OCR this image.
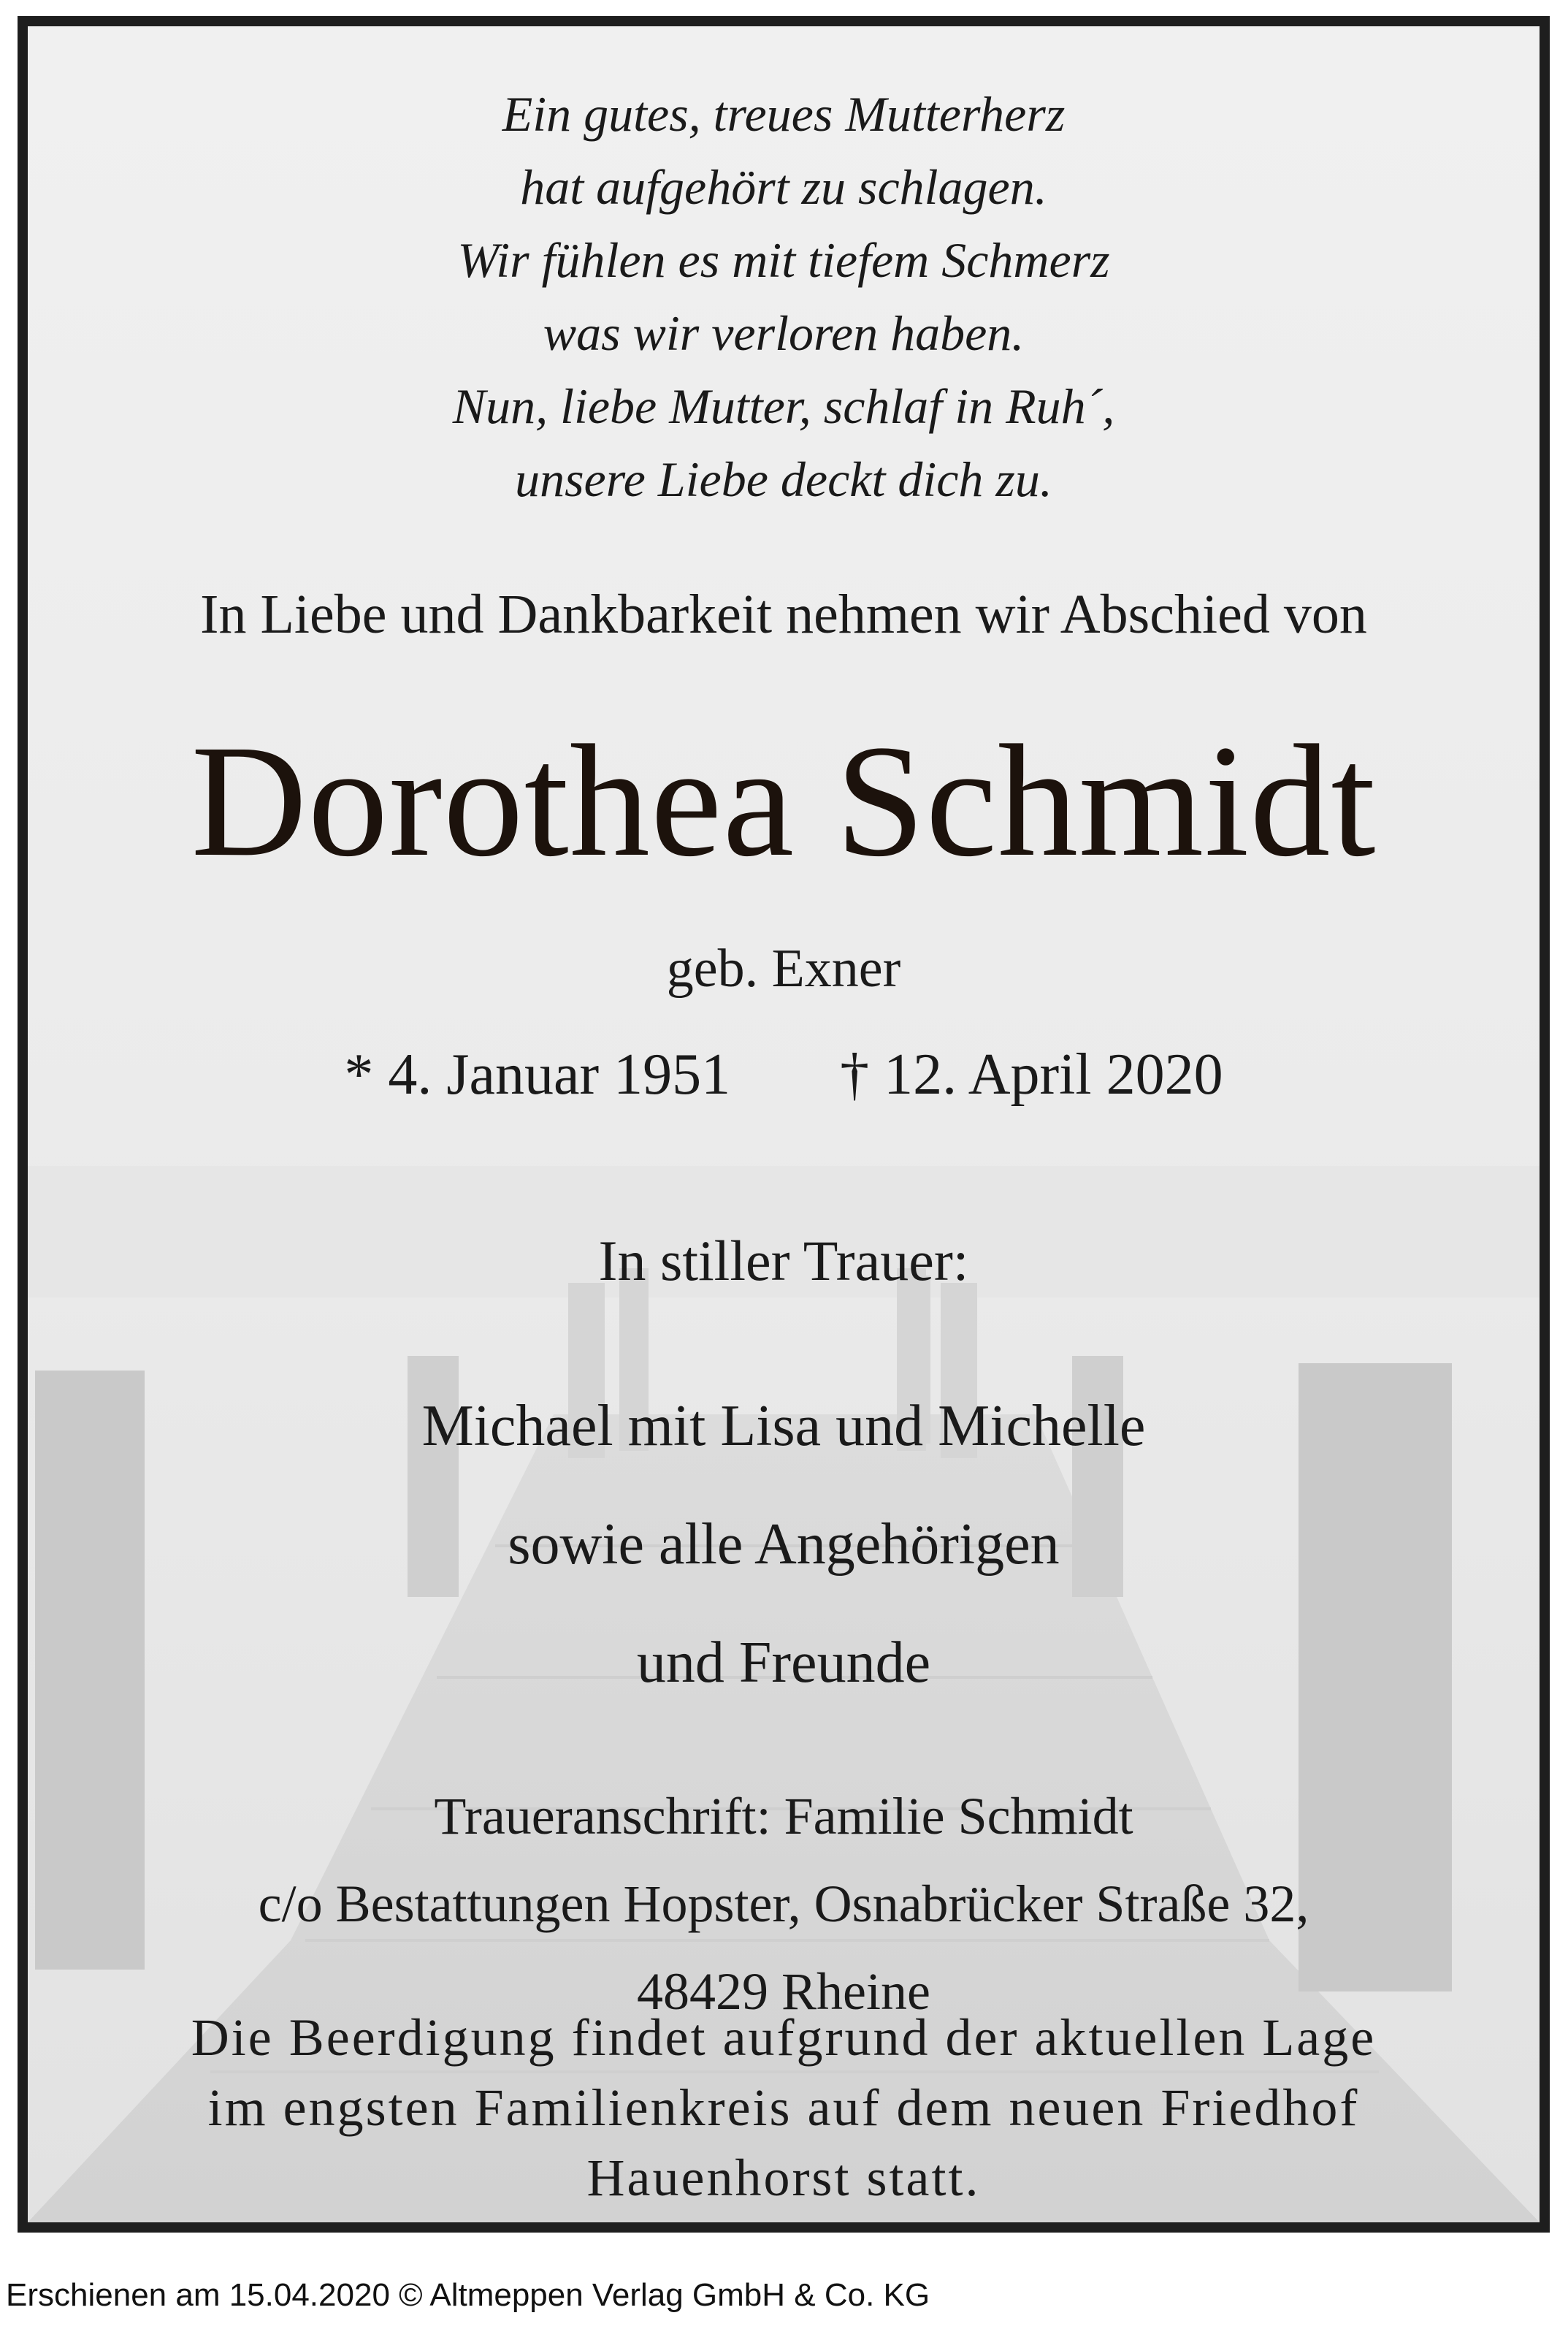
Ein gutes, treues Mutterherz
hat aufgehört zu schlagen.
Wir fühlen es mit tiefem Schmerz
was wir verloren haben.
Nun, liebe Mutter, schlaf in Ruh´,
unsere Liebe deckt dich zu.
In Liebe und Dankbarkeit nehmen wir Abschied von
Dorothea Schmidt
geb. Exner
* 4. Januar 1951 † 12. April 2020
In stiller Trauer:
Michael mit Lisa und Michelle
sowie alle Angehörigen
und Freunde
Traueranschrift: Familie Schmidt
c/o Bestattungen Hopster, Osnabrücker Straße 32,
48429 Rheine
Die Beerdigung findet aufgrund der aktuellen Lage
im engsten Familienkreis auf dem neuen Friedhof
Hauenhorst statt.
Erschienen am 15.04.2020 © Altmeppen Verlag GmbH & Co. KG
